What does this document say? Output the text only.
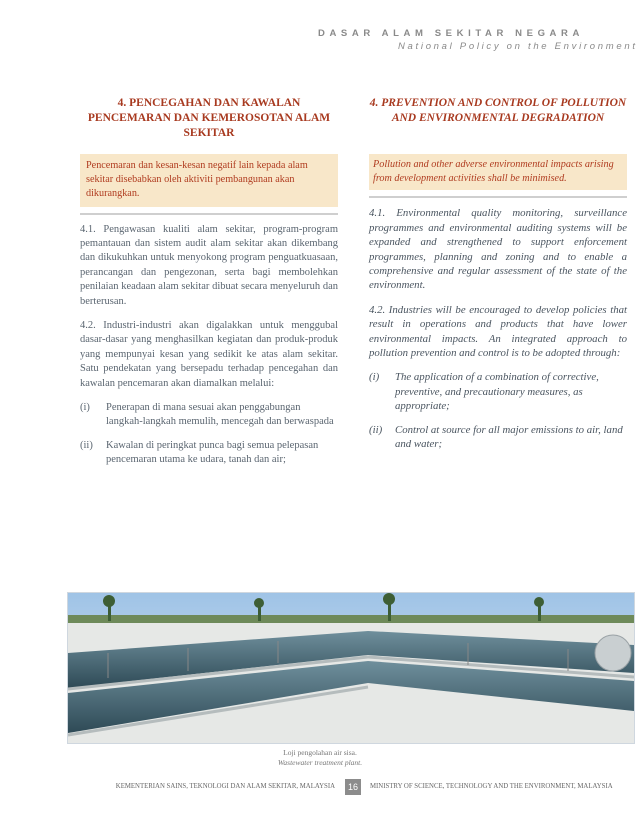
DASAR ALAM SEKITAR NEGARA
National Policy on the Environment
4. PENCEGAHAN DAN KAWALAN PENCEMARAN DAN KEMEROSOTAN ALAM SEKITAR
Pencemaran dan kesan-kesan negatif lain kepada alam sekitar disebabkan oleh aktiviti pembangunan akan dikurangkan.

4.1. Pengawasan kualiti alam sekitar, program-program pemantauan dan sistem audit alam sekitar akan dikembang dan dikukuhkan untuk menyokong program penguatkuasaan, perancangan dan pengezonan, serta bagi membolehkan penilaian keadaan alam sekitar dibuat secara menyeluruh dan berterusan.

4.2. Industri-industri akan digalakkan untuk menggubal dasar-dasar yang menghasilkan kegiatan dan produk-produk yang mempunyai kesan yang sedikit ke atas alam sekitar. Satu pendekatan yang bersepadu terhadap pencegahan dan kawalan pencemaran akan diamalkan melalui:

(i)	Penerapan di mana sesuai akan penggabungan langkah-langkah memulih, mencegah dan berwaspada
(ii)	Kawalan di peringkat punca bagi semua pelepasan pencemaran utama ke udara, tanah dan air;
4. PREVENTION AND CONTROL OF POLLUTION AND ENVIRONMENTAL DEGRADATION
Pollution and other adverse environmental impacts arising from development activities shall be minimised.

4.1. Environmental quality monitoring, surveillance programmes and environmental auditing systems will be expanded and strengthened to support enforcement programmes, planning and zoning and to enable a comprehensive and regular assessment of the state of the environment.

4.2. Industries will be encouraged to develop policies that result in operations and products that have lower environmental impacts. An integrated approach to pollution prevention and control is to be adopted through:

(i)	The application of a combination of corrective, preventive, and precautionary measures, as appropriate;
(ii)	Control at source for all major emissions to air, land and water;
Loji pengolahan air sisa.
Wastewater treatment plant.
KEMENTERIAN SAINS, TEKNOLOGI DAN ALAM SEKITAR, MALAYSIA	16	MINISTRY OF SCIENCE, TECHNOLOGY AND THE ENVIRONMENT, MALAYSIA
